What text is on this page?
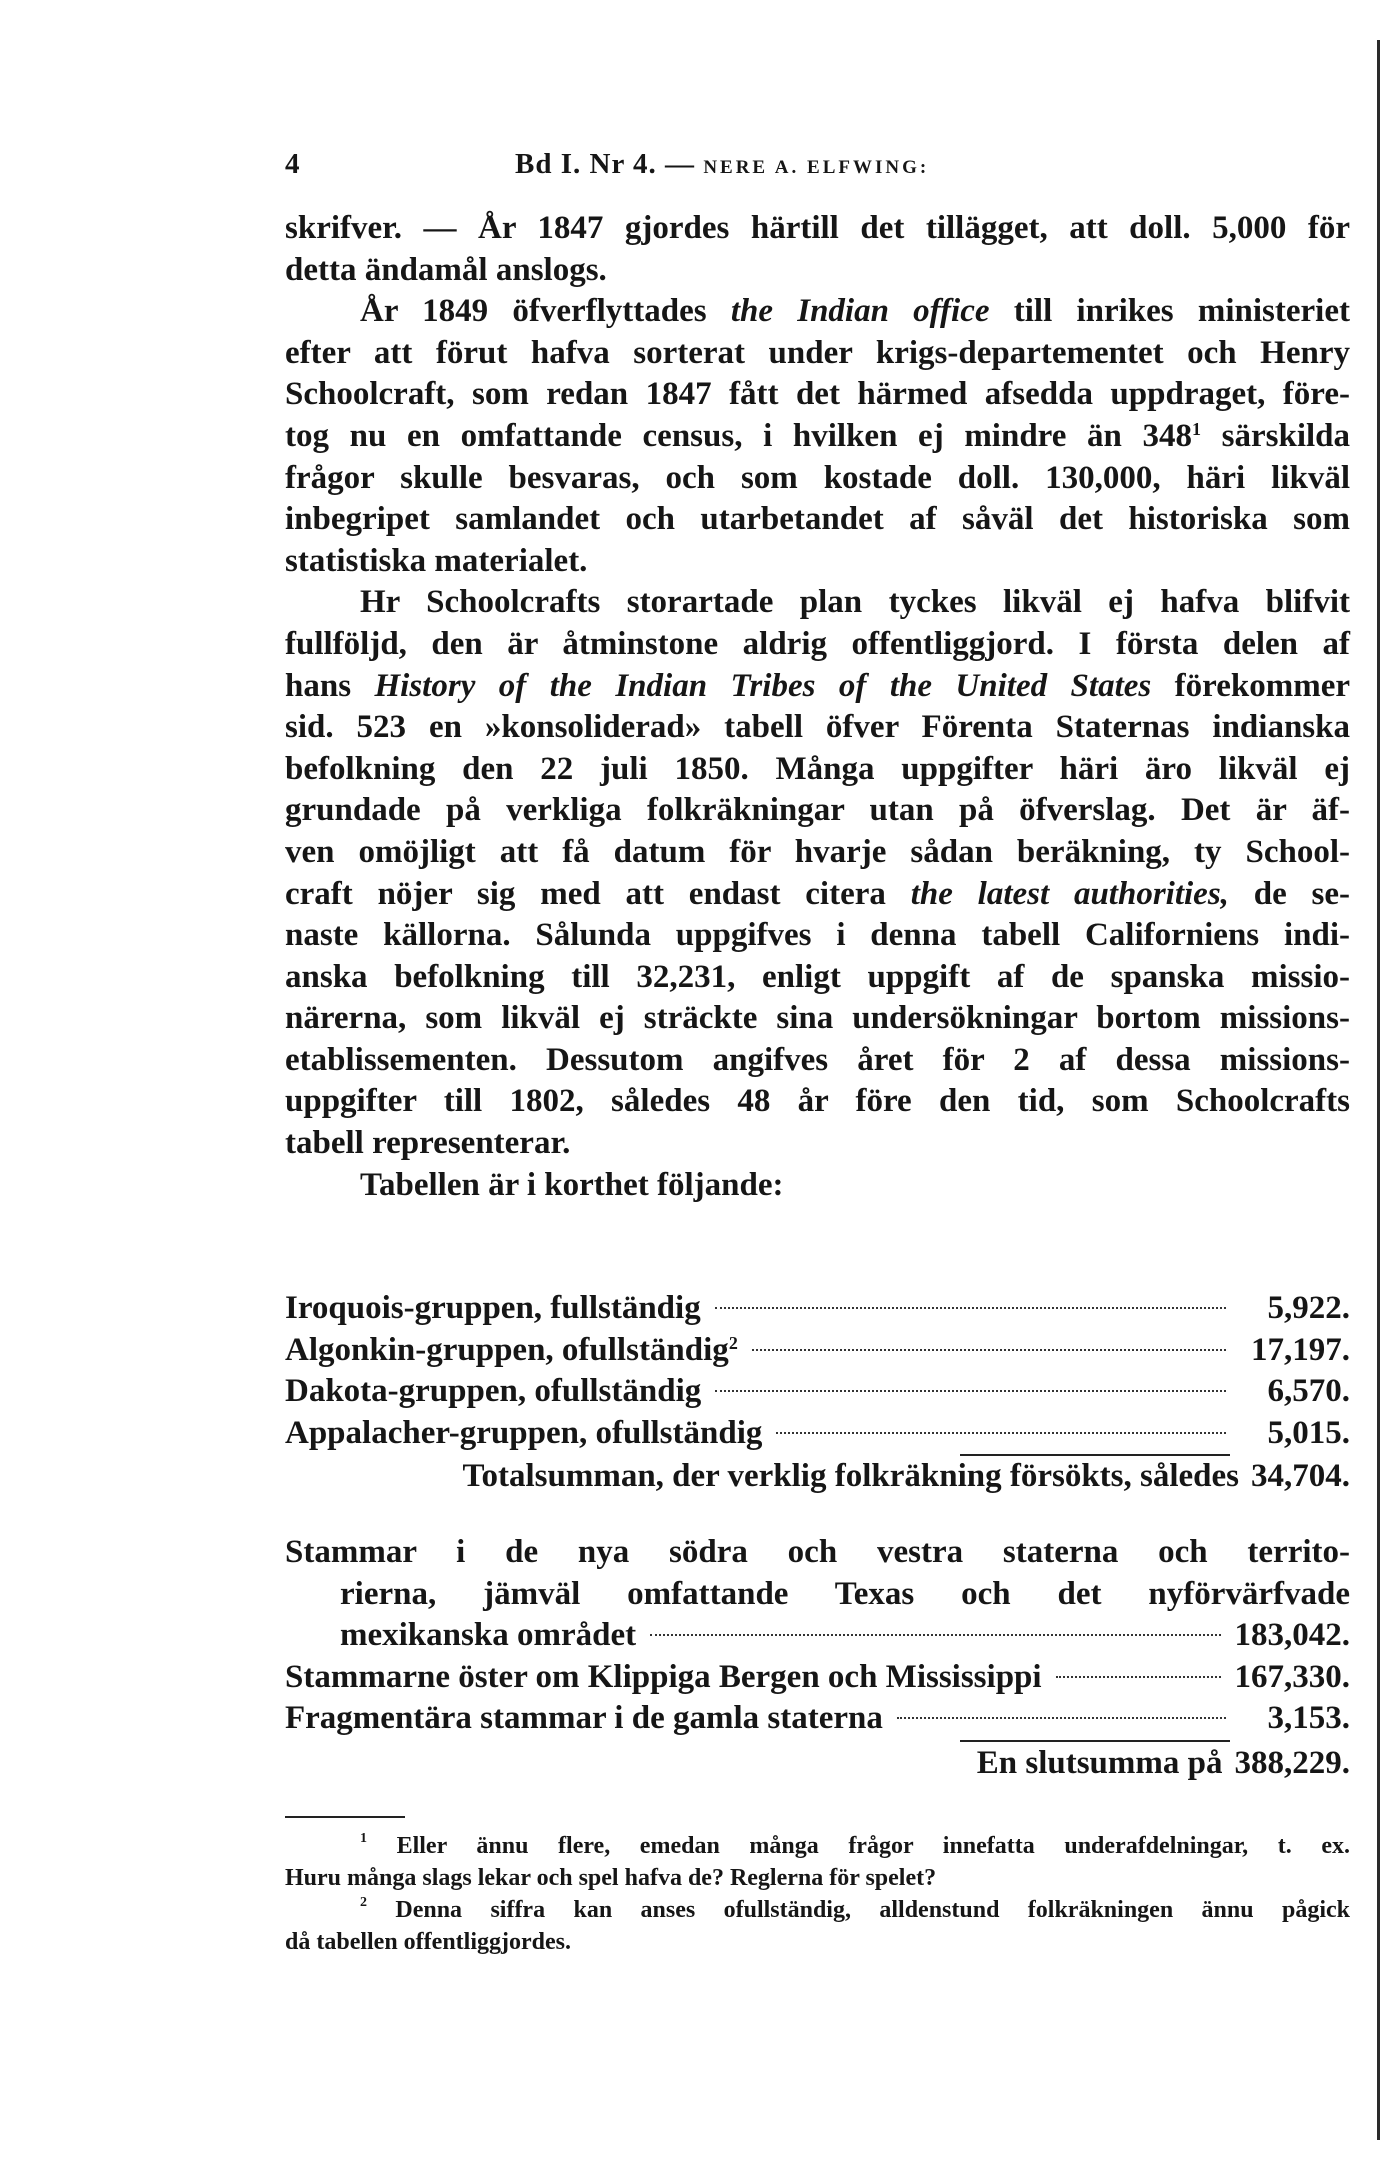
4	Bd I. Nr 4. — NERE A. ELFWING:
skrifver. — År 1847 gjordes härtill det tillägget, att doll. 5,000 för
detta ändamål anslogs.
År 1849 öfverflyttades the Indian office till inrikes ministeriet
efter att förut hafva sorterat under krigs-departementet och Henry
Schoolcraft, som redan 1847 fått det härmed afsedda uppdraget, före-
tog nu en omfattande census, i hvilken ej mindre än $348^1$ särskilda
frågor skulle besvaras, och som kostade doll. 130,000, häri likväl
inbegripet samlandet och utarbetandet af såväl det historiska som
statistiska materialet.
Hr Schoolcrafts storartade plan tyckes likväl ej hafva blifvit
fullföljd, den är åtminstone aldrig offentliggjord. I första delen af
hans History of the Indian Tribes of the United States förekommer
sid. 523 en »konsoliderad» tabell öfver Förenta Staternas indianska
befolkning den 22 juli 1850. Många uppgifter häri äro likväl ej
grundade på verkliga folkräkningar utan på öfverslag. Det är äf-
ven omöjligt att få datum för hvarje sådan beräkning, ty School-
craft nöjer sig med att endast citera the latest authorities, de se-
naste källorna. Sålunda uppgifves i denna tabell Californiens indi-
anska befolkning till 32,231, enligt uppgift af de spanska missio-
närerna, som likväl ej sträckte sina undersökningar bortom missions-
etablissementen. Dessutom angifves året för 2 af dessa missions-
uppgifter till 1802, således 48 år före den tid, som Schoolcrafts
tabell representerar.
Tabellen är i korthet följande:
Iroquois-gruppen, fullständig	5,922.
Algonkin-gruppen, ofullständig$^2$	17,197.
Dakota-gruppen, ofullständig	6,570.
Appalacher-gruppen, ofullständig	5,015.
Totalsumman, der verklig folkräkning försökts, således 34,704.
Stammar i de nya södra och vestra staterna och territo-
rierna, jämväl omfattande Texas och det nyförvärfvade
mexikanska området	183,042.
Stammarne öster om Klippiga Bergen och Mississippi	167,330.
Fragmentära stammar i de gamla staterna	3,153.
En slutsumma på 388,229.
$^1$ Eller ännu flere, emedan många frågor innefatta underafdelningar, t. ex.
Huru många slags lekar och spel hafva de? Reglerna för spelet?
$^2$ Denna siffra kan anses ofullständig, alldenstund folkräkningen ännu pågick
då tabellen offentliggjordes.
